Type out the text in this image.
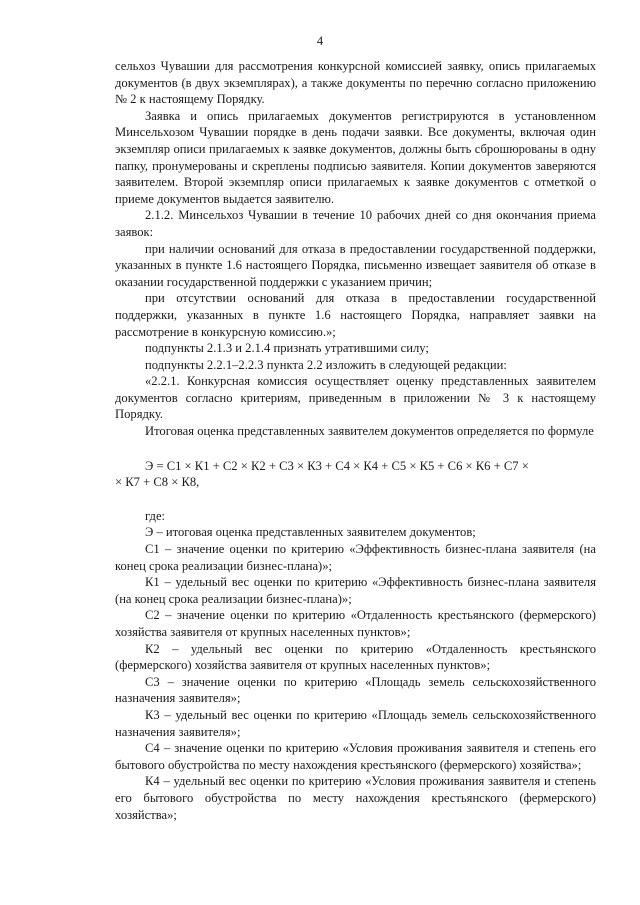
4

сельхоз Чувашии для рассмотрения конкурсной комиссией заявку, опись прилагаемых документов (в двух экземплярах), а также документы по перечню согласно приложению № 2 к настоящему Порядку.

Заявка и опись прилагаемых документов регистрируются в установленном Минсельхозом Чувашии порядке в день подачи заявки. Все документы, включая один экземпляр описи прилагаемых к заявке документов, должны быть сброшюрованы в одну папку, пронумерованы и скреплены подписью заявителя. Копии документов заверяются заявителем. Второй экземпляр описи прилагаемых к заявке документов с отметкой о приеме документов выдается заявителю.

2.1.2. Минсельхоз Чувашии в течение 10 рабочих дней со дня окончания приема заявок:

при наличии оснований для отказа в предоставлении государственной поддержки, указанных в пункте 1.6 настоящего Порядка, письменно извещает заявителя об отказе в оказании государственной поддержки с указанием причин;

при отсутствии оснований для отказа в предоставлении государственной поддержки, указанных в пункте 1.6 настоящего Порядка, направляет заявки на рассмотрение в конкурсную комиссию.»;

подпункты 2.1.3 и 2.1.4 признать утратившими силу;

подпункты 2.2.1–2.2.3 пункта 2.2 изложить в следующей редакции:

«2.2.1. Конкурсная комиссия осуществляет оценку представленных заявителем документов согласно критериям, приведенным в приложении № 3 к настоящему Порядку.

Итоговая оценка представленных заявителем документов определяется по формуле

Э = С1 × К1 + С2 × К2 + С3 × К3 + С4 × К4 + С5 × К5 + С6 × К6 + С7 ×

× К7 + С8 × К8,

где:

Э – итоговая оценка представленных заявителем документов;

С1 – значение оценки по критерию «Эффективность бизнес-плана заявителя (на конец срока реализации бизнес-плана)»;

К1 – удельный вес оценки по критерию «Эффективность бизнес-плана заявителя (на конец срока реализации бизнес-плана)»;

С2 – значение оценки по критерию «Отдаленность крестьянского (фермерского) хозяйства заявителя от крупных населенных пунктов»;

К2 – удельный вес оценки по критерию «Отдаленность крестьянского (фермерского) хозяйства заявителя от крупных населенных пунктов»;

С3 – значение оценки по критерию «Площадь земель сельскохозяйственного назначения заявителя»;

К3 – удельный вес оценки по критерию «Площадь земель сельскохозяйственного назначения заявителя»;

С4 – значение оценки по критерию «Условия проживания заявителя и степень его бытового обустройства по месту нахождения крестьянского (фермерского) хозяйства»;

К4 – удельный вес оценки по критерию «Условия проживания заявителя и степень его бытового обустройства по месту нахождения крестьянского (фермерского) хозяйства»;
